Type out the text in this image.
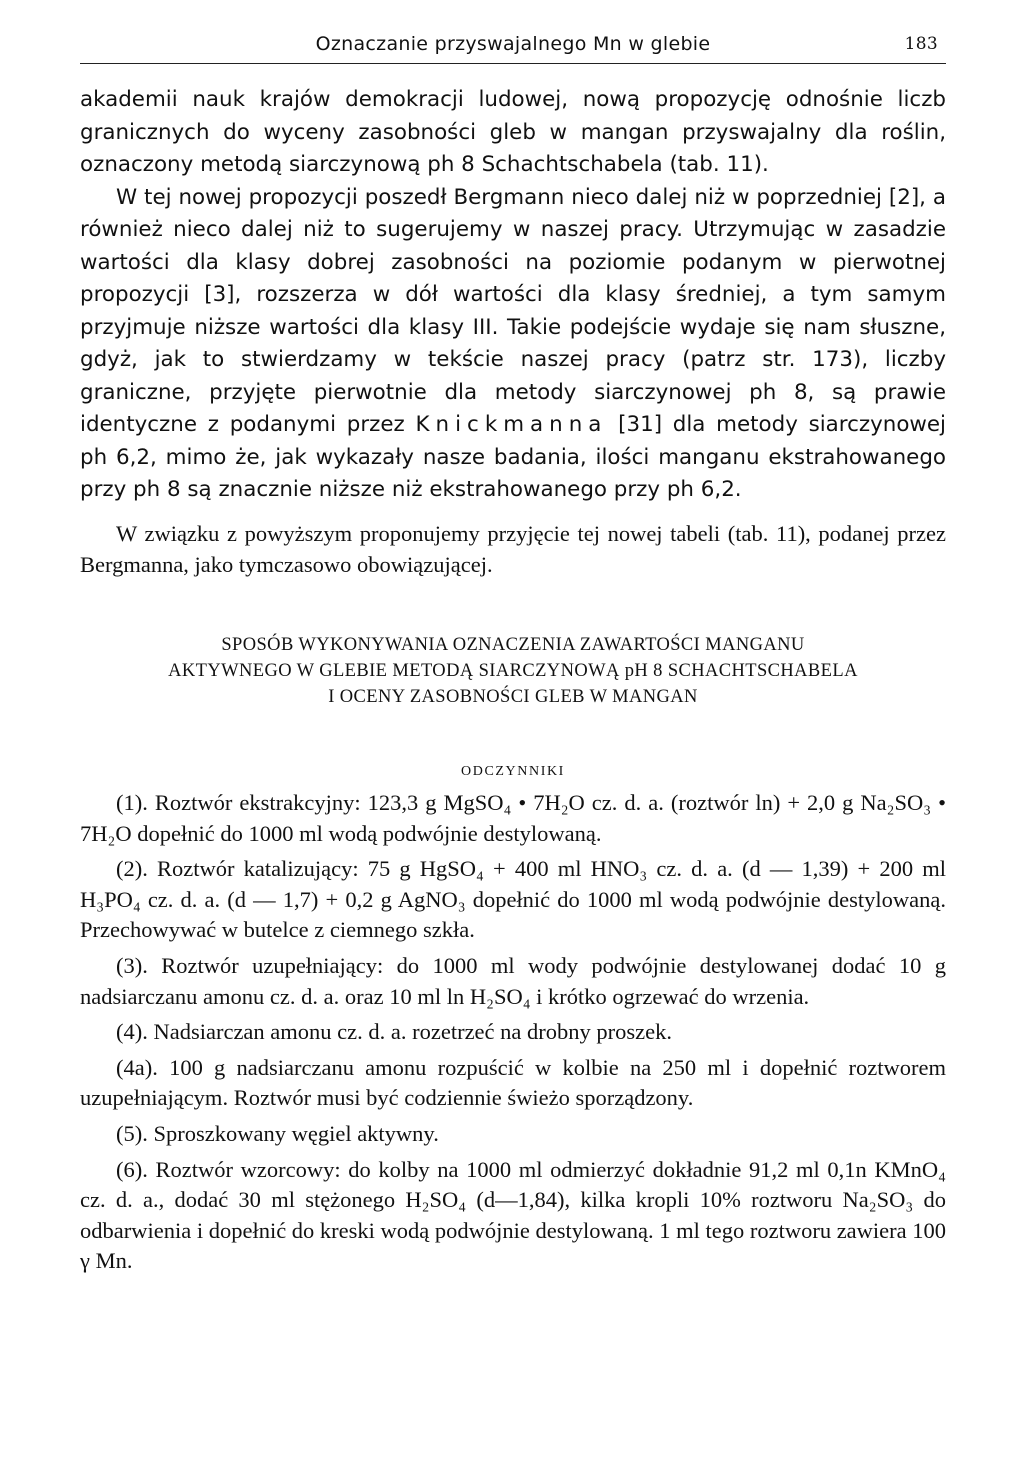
Oznaczanie przyswajalnego Mn w glebie	183

akademii nauk krajów demokracji ludowej, nową propozycję odnośnie liczb granicznych do wyceny zasobności gleb w mangan przyswajalny dla roślin, oznaczony metodą siarczynową ph 8 Schachtschabela (tab. 11).

W tej nowej propozycji poszedł Bergmann nieco dalej niż w poprzedniej [2], a również nieco dalej niż to sugerujemy w naszej pracy. Utrzymując w zasadzie wartości dla klasy dobrej zasobności na poziomie podanym w pierwotnej propozycji [3], rozszerza w dół wartości dla klasy średniej, a tym samym przyjmuje niższe wartości dla klasy III. Takie podejście wydaje się nam słuszne, gdyż, jak to stwierdzamy w tekście naszej pracy (patrz str. 173), liczby graniczne, przyjęte pierwotnie dla metody siarczynowej ph 8, są prawie identyczne z podanymi przez Knickmanna [31] dla metody siarczynowej ph 6,2, mimo że, jak wykazały nasze badania, ilości manganu ekstrahowanego przy ph 8 są znacznie niższe niż ekstrahowanego przy ph 6,2.

W związku z powyższym proponujemy przyjęcie tej nowej tabeli (tab. 11), podanej przez Bergmanna, jako tymczasowo obowiązującej.

SPOSÓB WYKONYWANIA OZNACZENIA ZAWARTOŚCI MANGANU
AKTYWNEGO W GLEBIE METODĄ SIARCZYNOWĄ pH 8 SCHACHTSCHABELA
I OCENY ZASOBNOŚCI GLEB W MANGAN
ODCZYNNIKI

(1). Roztwór ekstrakcyjny: 123,3 g MgSO₄ • 7H₂O cz. d. a. (roztwór ln) + 2,0 g Na₂SO₃ • 7H₂O dopełnić do 1000 ml wodą podwójnie destylowaną.

(2). Roztwór katalizujący: 75 g HgSO₄ + 400 ml HNO₃ cz. d. a. (d — 1,39) + 200 ml H₃PO₄ cz. d. a. (d — 1,7) + 0,2 g AgNO₃ dopełnić do 1000 ml wodą podwójnie destylowaną. Przechowywać w butelce z ciemnego szkła.

(3). Roztwór uzupełniający: do 1000 ml wody podwójnie destylowanej dodać 10 g nadsiarczanu amonu cz. d. a. oraz 10 ml ln H₂SO₄ i krótko ogrzewać do wrzenia.

(4). Nadsiarczan amonu cz. d. a. rozetrzeć na drobny proszek.

(4a). 100 g nadsiarczanu amonu rozpuścić w kolbie na 250 ml i dopełnić roztworem uzupełniającym. Roztwór musi być codziennie świeżo sporządzony.

(5). Sproszkowany węgiel aktywny.

(6). Roztwór wzorcowy: do kolby na 1000 ml odmierzyć dokładnie 91,2 ml 0,1n KMnO₄ cz. d. a., dodać 30 ml stężonego H₂SO₄ (d—1,84), kilka kropli 10% roztworu Na₂SO₃ do odbarwienia i dopełnić do kreski wodą podwójnie destylowaną. 1 ml tego roztworu zawiera 100 γ Mn.
